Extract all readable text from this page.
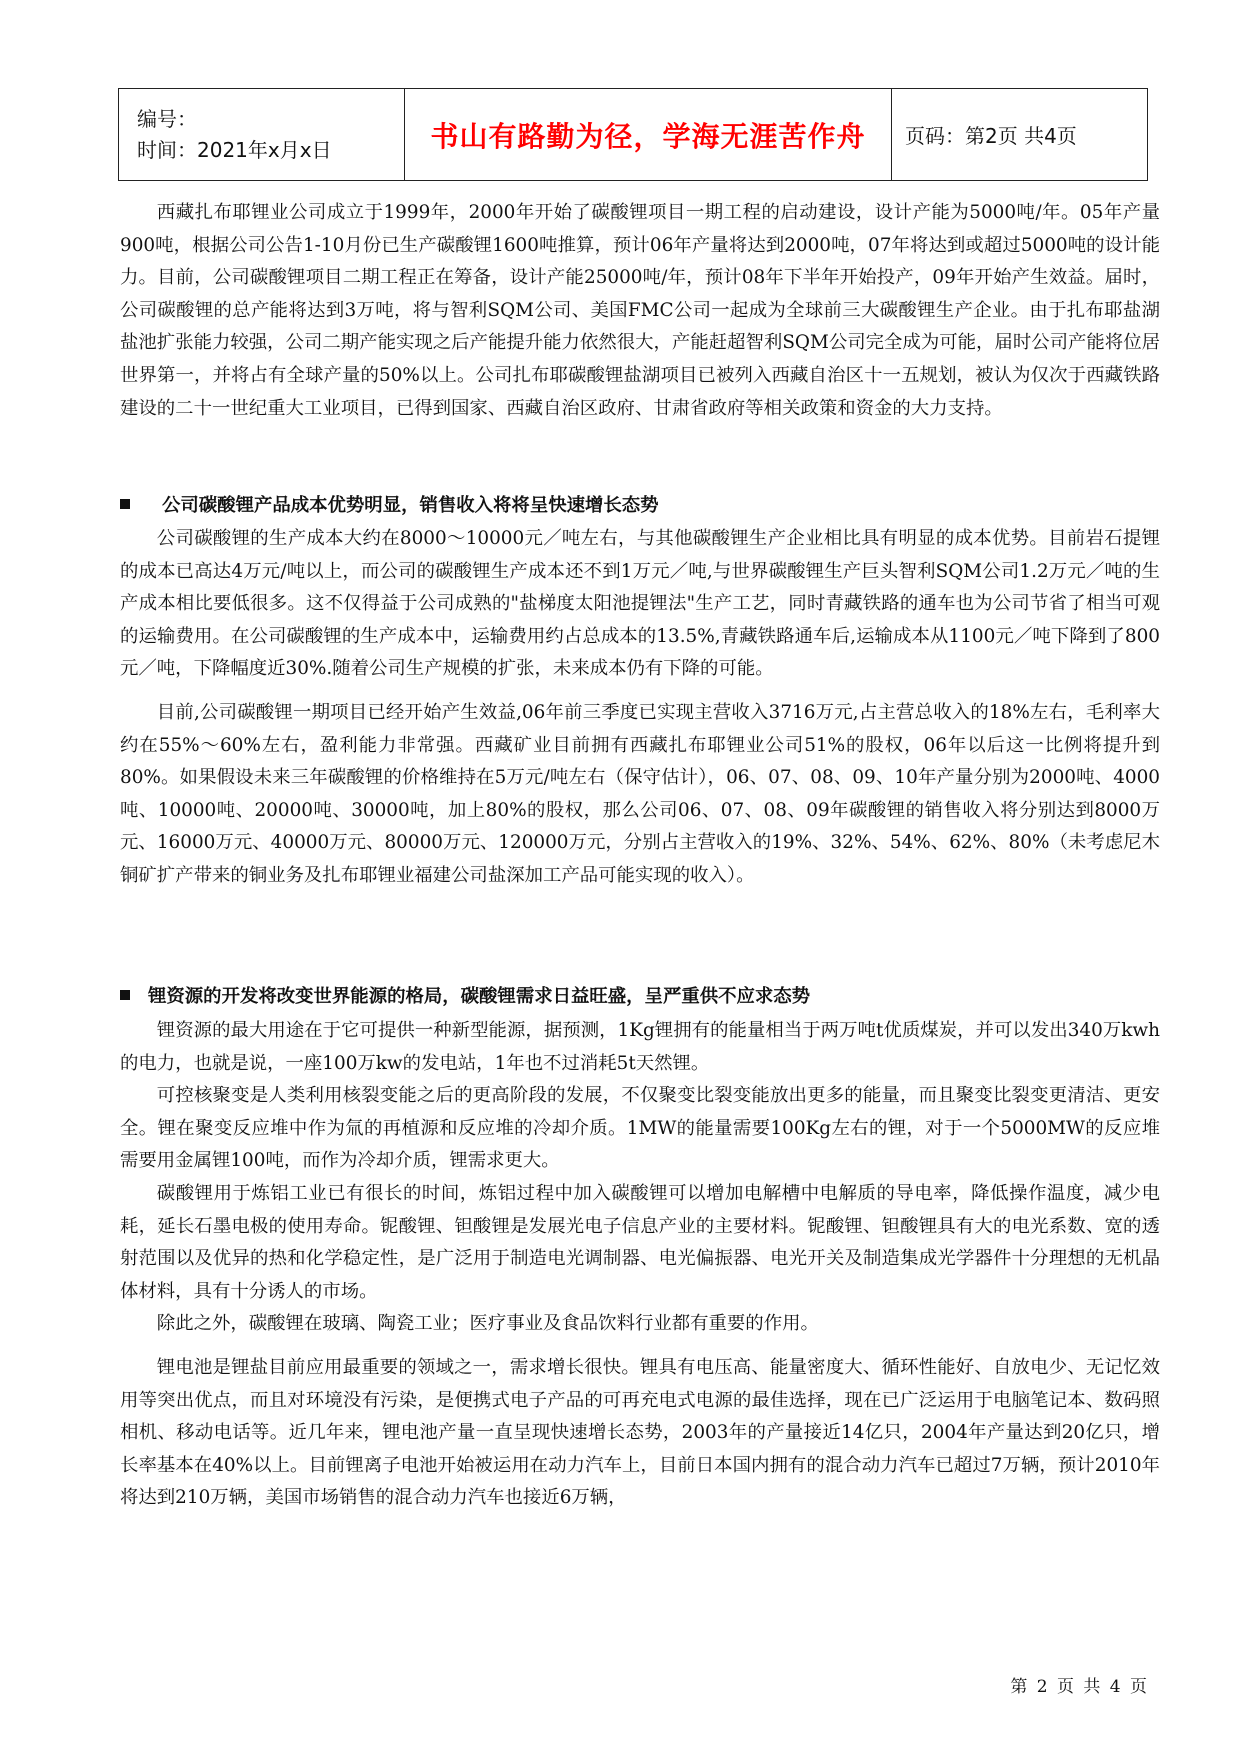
编号：
时间：2021年x月x日	书山有路勤为径，学海无涯苦作舟	页码：第2页 共4页

西藏扎布耶锂业公司成立于1999年，2000年开始了碳酸锂项目一期工程的启动建设，设计产能为5000吨/年。05年产量900吨，根据公司公告1-10月份已生产碳酸锂1600吨推算，预计06年产量将达到2000吨，07年将达到或超过5000吨的设计能力。目前，公司碳酸锂项目二期工程正在筹备，设计产能25000吨/年，预计08年下半年开始投产，09年开始产生效益。届时，公司碳酸锂的总产能将达到3万吨，将与智利SQM公司、美国FMC公司一起成为全球前三大碳酸锂生产企业。由于扎布耶盐湖盐池扩张能力较强，公司二期产能实现之后产能提升能力依然很大，产能赶超智利SQM公司完全成为可能，届时公司产能将位居世界第一，并将占有全球产量的50%以上。公司扎布耶碳酸锂盐湖项目已被列入西藏自治区十一五规划，被认为仅次于西藏铁路建设的二十一世纪重大工业项目，已得到国家、西藏自治区政府、甘肃省政府等相关政策和资金的大力支持。

公司碳酸锂产品成本优势明显，销售收入将将呈快速增长态势

公司碳酸锂的生产成本大约在8000～10000元／吨左右，与其他碳酸锂生产企业相比具有明显的成本优势。目前岩石提锂的成本已高达4万元/吨以上，而公司的碳酸锂生产成本还不到1万元／吨,与世界碳酸锂生产巨头智利SQM公司1.2万元／吨的生产成本相比要低很多。这不仅得益于公司成熟的"盐梯度太阳池提锂法"生产工艺，同时青藏铁路的通车也为公司节省了相当可观的运输费用。在公司碳酸锂的生产成本中，运输费用约占总成本的13.5%,青藏铁路通车后,运输成本从1100元／吨下降到了800元／吨，下降幅度近30%.随着公司生产规模的扩张，未来成本仍有下降的可能。

目前,公司碳酸锂一期项目已经开始产生效益,06年前三季度已实现主营收入3716万元,占主营总收入的18%左右，毛利率大约在55%～60%左右，盈利能力非常强。西藏矿业目前拥有西藏扎布耶锂业公司51%的股权，06年以后这一比例将提升到80%。如果假设未来三年碳酸锂的价格维持在5万元/吨左右（保守估计），06、07、08、09、10年产量分别为2000吨、4000吨、10000吨、20000吨、30000吨，加上80%的股权，那么公司06、07、08、09年碳酸锂的销售收入将分别达到8000万元、16000万元、40000万元、80000万元、120000万元，分别占主营收入的19%、32%、54%、62%、80%（未考虑尼木铜矿扩产带来的铜业务及扎布耶锂业福建公司盐深加工产品可能实现的收入）。

锂资源的开发将改变世界能源的格局，碳酸锂需求日益旺盛，呈严重供不应求态势

锂资源的最大用途在于它可提供一种新型能源，据预测，1Kg锂拥有的能量相当于两万吨t优质煤炭，并可以发出340万kwh的电力，也就是说，一座100万kw的发电站，1年也不过消耗5t天然锂。

可控核聚变是人类利用核裂变能之后的更高阶段的发展，不仅聚变比裂变能放出更多的能量，而且聚变比裂变更清洁、更安全。锂在聚变反应堆中作为氚的再植源和反应堆的冷却介质。1MW的能量需要100Kg左右的锂，对于一个5000MW的反应堆需要用金属锂100吨，而作为冷却介质，锂需求更大。

碳酸锂用于炼铝工业已有很长的时间，炼铝过程中加入碳酸锂可以增加电解槽中电解质的导电率，降低操作温度，减少电耗，延长石墨电极的使用寿命。铌酸锂、钽酸锂是发展光电子信息产业的主要材料。铌酸锂、钽酸锂具有大的电光系数、宽的透射范围以及优异的热和化学稳定性，是广泛用于制造电光调制器、电光偏振器、电光开关及制造集成光学器件十分理想的无机晶体材料，具有十分诱人的市场。

除此之外，碳酸锂在玻璃、陶瓷工业；医疗事业及食品饮料行业都有重要的作用。

锂电池是锂盐目前应用最重要的领域之一，需求增长很快。锂具有电压高、能量密度大、循环性能好、自放电少、无记忆效用等突出优点，而且对环境没有污染，是便携式电子产品的可再充电式电源的最佳选择，现在已广泛运用于电脑笔记本、数码照相机、移动电话等。近几年来，锂电池产量一直呈现快速增长态势，2003年的产量接近14亿只，2004年产量达到20亿只，增长率基本在40%以上。目前锂离子电池开始被运用在动力汽车上，目前日本国内拥有的混合动力汽车已超过7万辆，预计2010年将达到210万辆，美国市场销售的混合动力汽车也接近6万辆，

第 2 页 共 4 页
